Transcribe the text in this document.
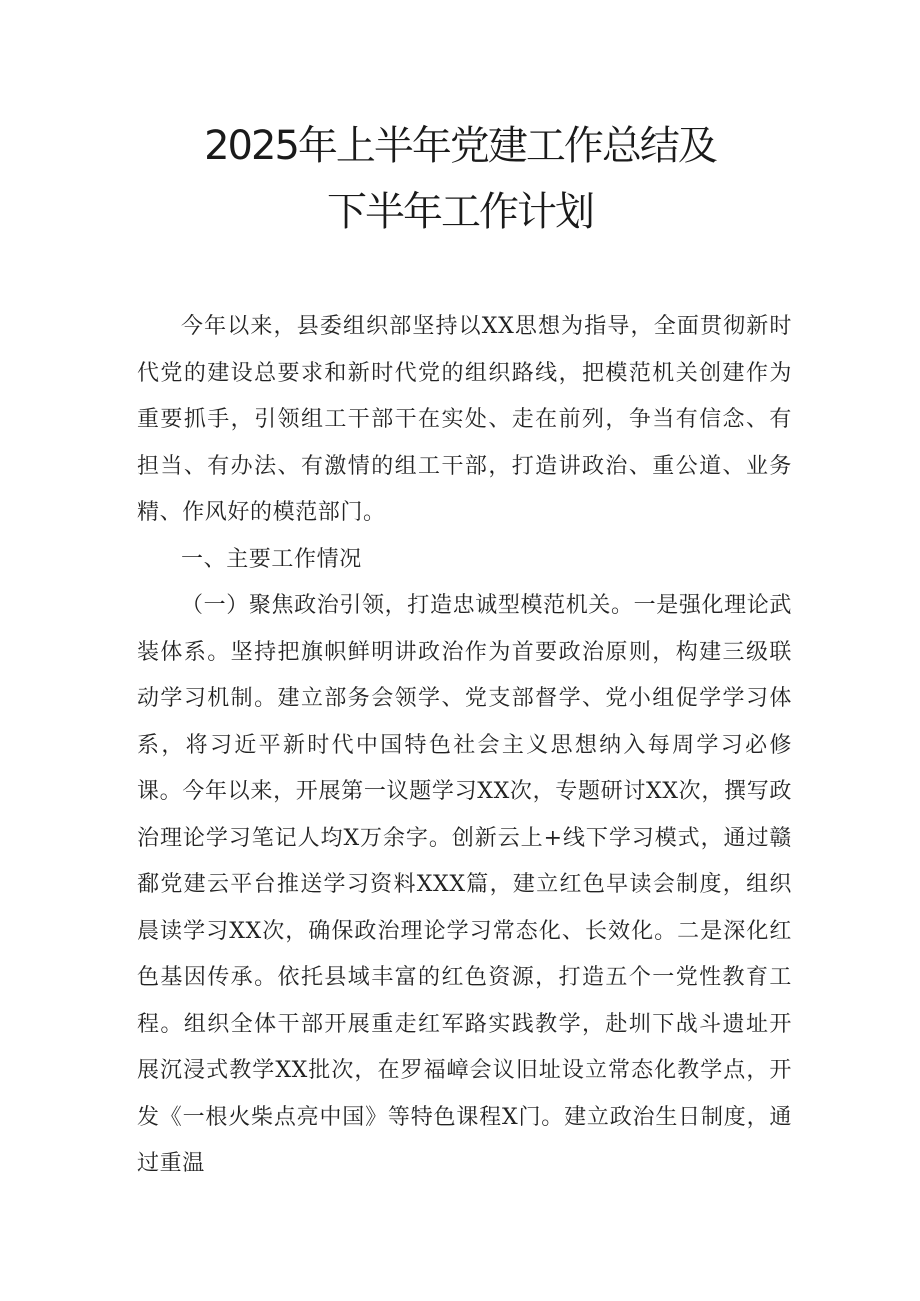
2025年上半年党建工作总结及
下半年工作计划

今年以来，县委组织部坚持以XX思想为指导，全面贯彻新时代党的建设总要求和新时代党的组织路线，把模范机关创建作为重要抓手，引领组工干部干在实处、走在前列，争当有信念、有担当、有办法、有激情的组工干部，打造讲政治、重公道、业务精、作风好的模范部门。

一、主要工作情况

（一）聚焦政治引领，打造忠诚型模范机关。一是强化理论武装体系。坚持把旗帜鲜明讲政治作为首要政治原则，构建三级联动学习机制。建立部务会领学、党支部督学、党小组促学学习体系，将习近平新时代中国特色社会主义思想纳入每周学习必修课。今年以来，开展第一议题学习XX次，专题研讨XX次，撰写政治理论学习笔记人均X万余字。创新云上+线下学习模式，通过赣鄱党建云平台推送学习资料XXX篇，建立红色早读会制度，组织晨读学习XX次，确保政治理论学习常态化、长效化。二是深化红色基因传承。依托县域丰富的红色资源，打造五个一党性教育工程。组织全体干部开展重走红军路实践教学，赴圳下战斗遗址开展沉浸式教学XX批次，在罗福嶂会议旧址设立常态化教学点，开发《一根火柴点亮中国》等特色课程X门。建立政治生日制度，通过重温
